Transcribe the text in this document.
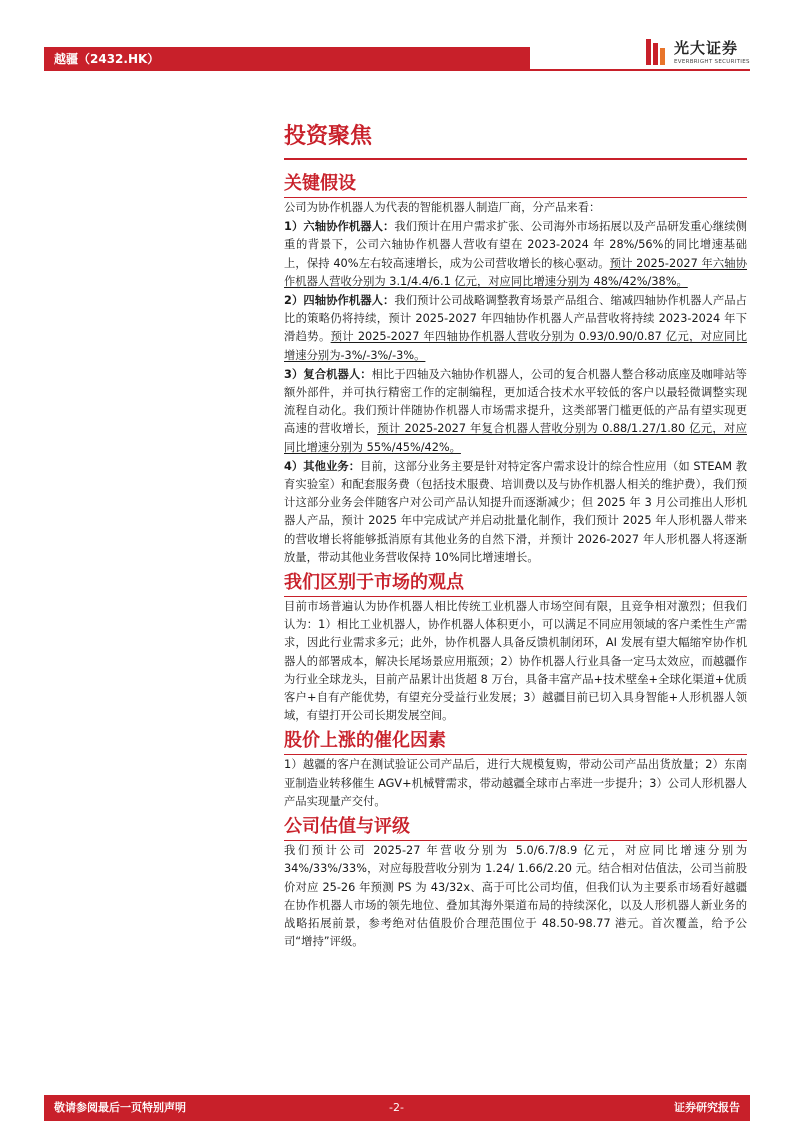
越疆（2432.HK）
光大证券
EVERBRIGHT SECURITIES
投资聚焦
关键假设

公司为协作机器人为代表的智能机器人制造厂商，分产品来看：

1）六轴协作机器人：我们预计在用户需求扩张、公司海外市场拓展以及产品研发重心继续侧重的背景下，公司六轴协作机器人营收有望在 2023-2024 年 28%/56%的同比增速基础上，保持 40%左右较高速增长，成为公司营收增长的核心驱动。预计 2025-2027 年六轴协作机器人营收分别为 3.1/4.4/6.1 亿元，对应同比增速分别为 48%/42%/38%。

2）四轴协作机器人：我们预计公司战略调整教育场景产品组合、缩减四轴协作机器人产品占比的策略仍将持续，预计 2025-2027 年四轴协作机器人产品营收将持续 2023-2024 年下滑趋势。预计 2025-2027 年四轴协作机器人营收分别为 0.93/0.90/0.87 亿元，对应同比增速分别为-3%/-3%/-3%。

3）复合机器人：相比于四轴及六轴协作机器人，公司的复合机器人整合移动底座及咖啡站等额外部件，并可执行精密工作的定制编程，更加适合技术水平较低的客户以最轻微调整实现流程自动化。我们预计伴随协作机器人市场需求提升，这类部署门槛更低的产品有望实现更高速的营收增长，预计 2025-2027 年复合机器人营收分别为 0.88/1.27/1.80 亿元，对应同比增速分别为 55%/45%/42%。

4）其他业务：目前，这部分业务主要是针对特定客户需求设计的综合性应用（如 STEAM 教育实验室）和配套服务费（包括技术服费、培训费以及与协作机器人相关的维护费），我们预计这部分业务会伴随客户对公司产品认知提升而逐渐减少；但 2025 年 3 月公司推出人形机器人产品，预计 2025 年中完成试产并启动批量化制作，我们预计 2025 年人形机器人带来的营收增长将能够抵消原有其他业务的自然下滑，并预计 2026-2027 年人形机器人将逐渐放量，带动其他业务营收保持 10%同比增速增长。

我们区别于市场的观点

目前市场普遍认为协作机器人相比传统工业机器人市场空间有限，且竞争相对激烈；但我们认为：1）相比工业机器人，协作机器人体积更小，可以满足不同应用领域的客户柔性生产需求，因此行业需求多元；此外，协作机器人具备反馈机制闭环，AI 发展有望大幅缩窄协作机器人的部署成本，解决长尾场景应用瓶颈；2）协作机器人行业具备一定马太效应，而越疆作为行业全球龙头，目前产品累计出货超 8 万台，具备丰富产品+技术壁垒+全球化渠道+优质客户+自有产能优势，有望充分受益行业发展；3）越疆目前已切入具身智能+人形机器人领域，有望打开公司长期发展空间。

股价上涨的催化因素

1）越疆的客户在测试验证公司产品后，进行大规模复购，带动公司产品出货放量；2）东南亚制造业转移催生 AGV+机械臂需求，带动越疆全球市占率进一步提升；3）公司人形机器人产品实现量产交付。

公司估值与评级

我们预计公司 2025-27 年营收分别为 5.0/6.7/8.9 亿元，对应同比增速分别为 34%/33%/33%，对应每股营收分别为 1.24/ 1.66/2.20 元。结合相对估值法，公司当前股价对应 25-26 年预测 PS 为 43/32x、高于可比公司均值，但我们认为主要系市场看好越疆在协作机器人市场的领先地位、叠加其海外渠道布局的持续深化，以及人形机器人新业务的战略拓展前景，参考绝对估值股价合理范围位于 48.50-98.77 港元。首次覆盖，给予公司“增持”评级。

敬请参阅最后一页特别声明	-2-	证券研究报告
